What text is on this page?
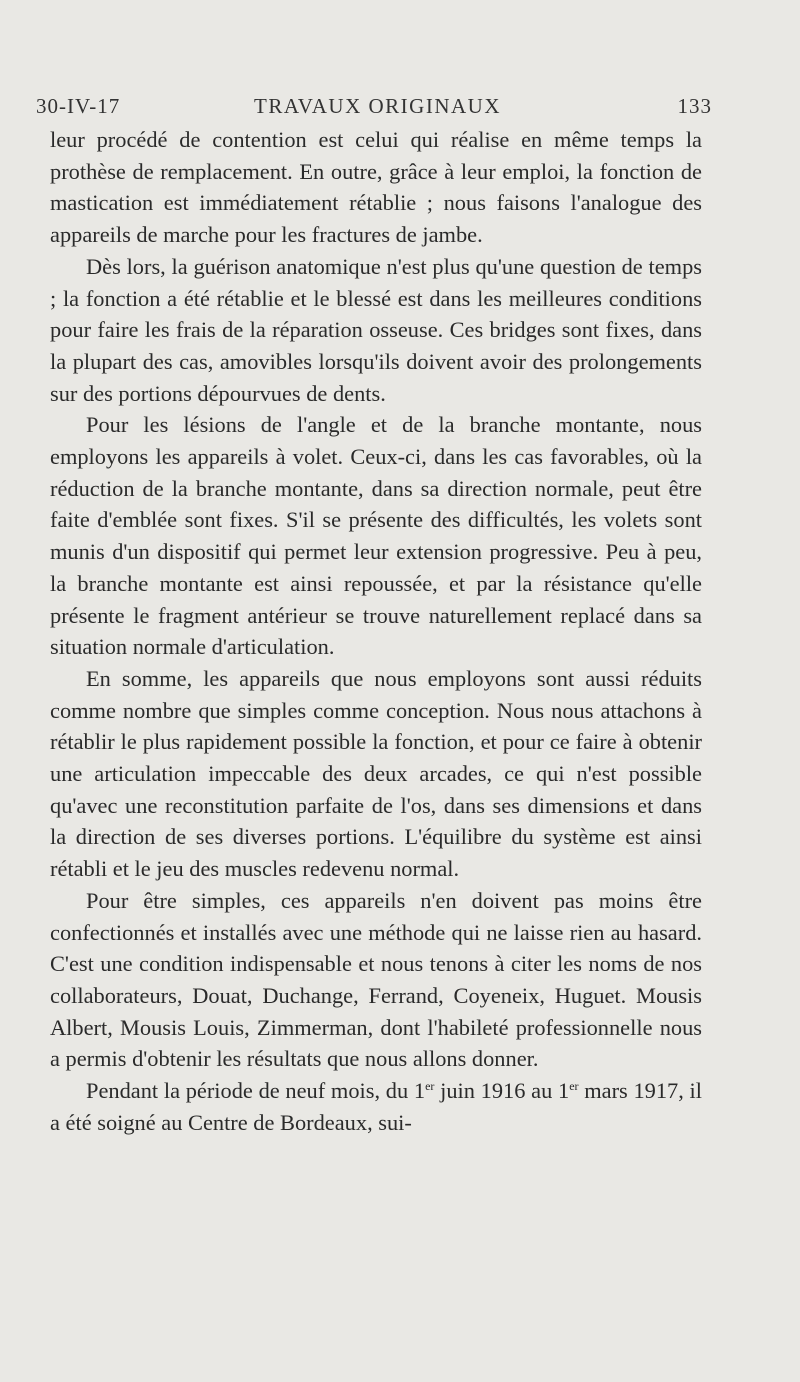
30-IV-17	TRAVAUX ORIGINAUX	133

leur procédé de contention est celui qui réalise en même temps la prothèse de remplacement. En outre, grâce à leur emploi, la fonction de mastication est immédiatement rétablie ; nous faisons l'analogue des appareils de marche pour les fractures de jambe.

Dès lors, la guérison anatomique n'est plus qu'une question de temps ; la fonction a été rétablie et le blessé est dans les meilleures conditions pour faire les frais de la réparation osseuse. Ces bridges sont fixes, dans la plupart des cas, amovibles lorsqu'ils doivent avoir des prolongements sur des portions dépourvues de dents.

Pour les lésions de l'angle et de la branche montante, nous employons les appareils à volet. Ceux-ci, dans les cas favorables, où la réduction de la branche montante, dans sa direction normale, peut être faite d'emblée sont fixes. S'il se présente des difficultés, les volets sont munis d'un dispositif qui permet leur extension progressive. Peu à peu, la branche montante est ainsi repoussée, et par la résistance qu'elle présente le fragment antérieur se trouve naturellement replacé dans sa situation normale d'articulation.

En somme, les appareils que nous employons sont aussi réduits comme nombre que simples comme conception. Nous nous attachons à rétablir le plus rapidement possible la fonction, et pour ce faire à obtenir une articulation impeccable des deux arcades, ce qui n'est possible qu'avec une reconstitution parfaite de l'os, dans ses dimensions et dans la direction de ses diverses portions. L'équilibre du système est ainsi rétabli et le jeu des muscles redevenu normal.

Pour être simples, ces appareils n'en doivent pas moins être confectionnés et installés avec une méthode qui ne laisse rien au hasard. C'est une condition indispensable et nous tenons à citer les noms de nos collaborateurs, Douat, Duchange, Ferrand, Coyeneix, Huguet. Mousis Albert, Mousis Louis, Zimmerman, dont l'habileté professionnelle nous a permis d'obtenir les résultats que nous allons donner.

Pendant la période de neuf mois, du 1er juin 1916 au 1er mars 1917, il a été soigné au Centre de Bordeaux, sui-
